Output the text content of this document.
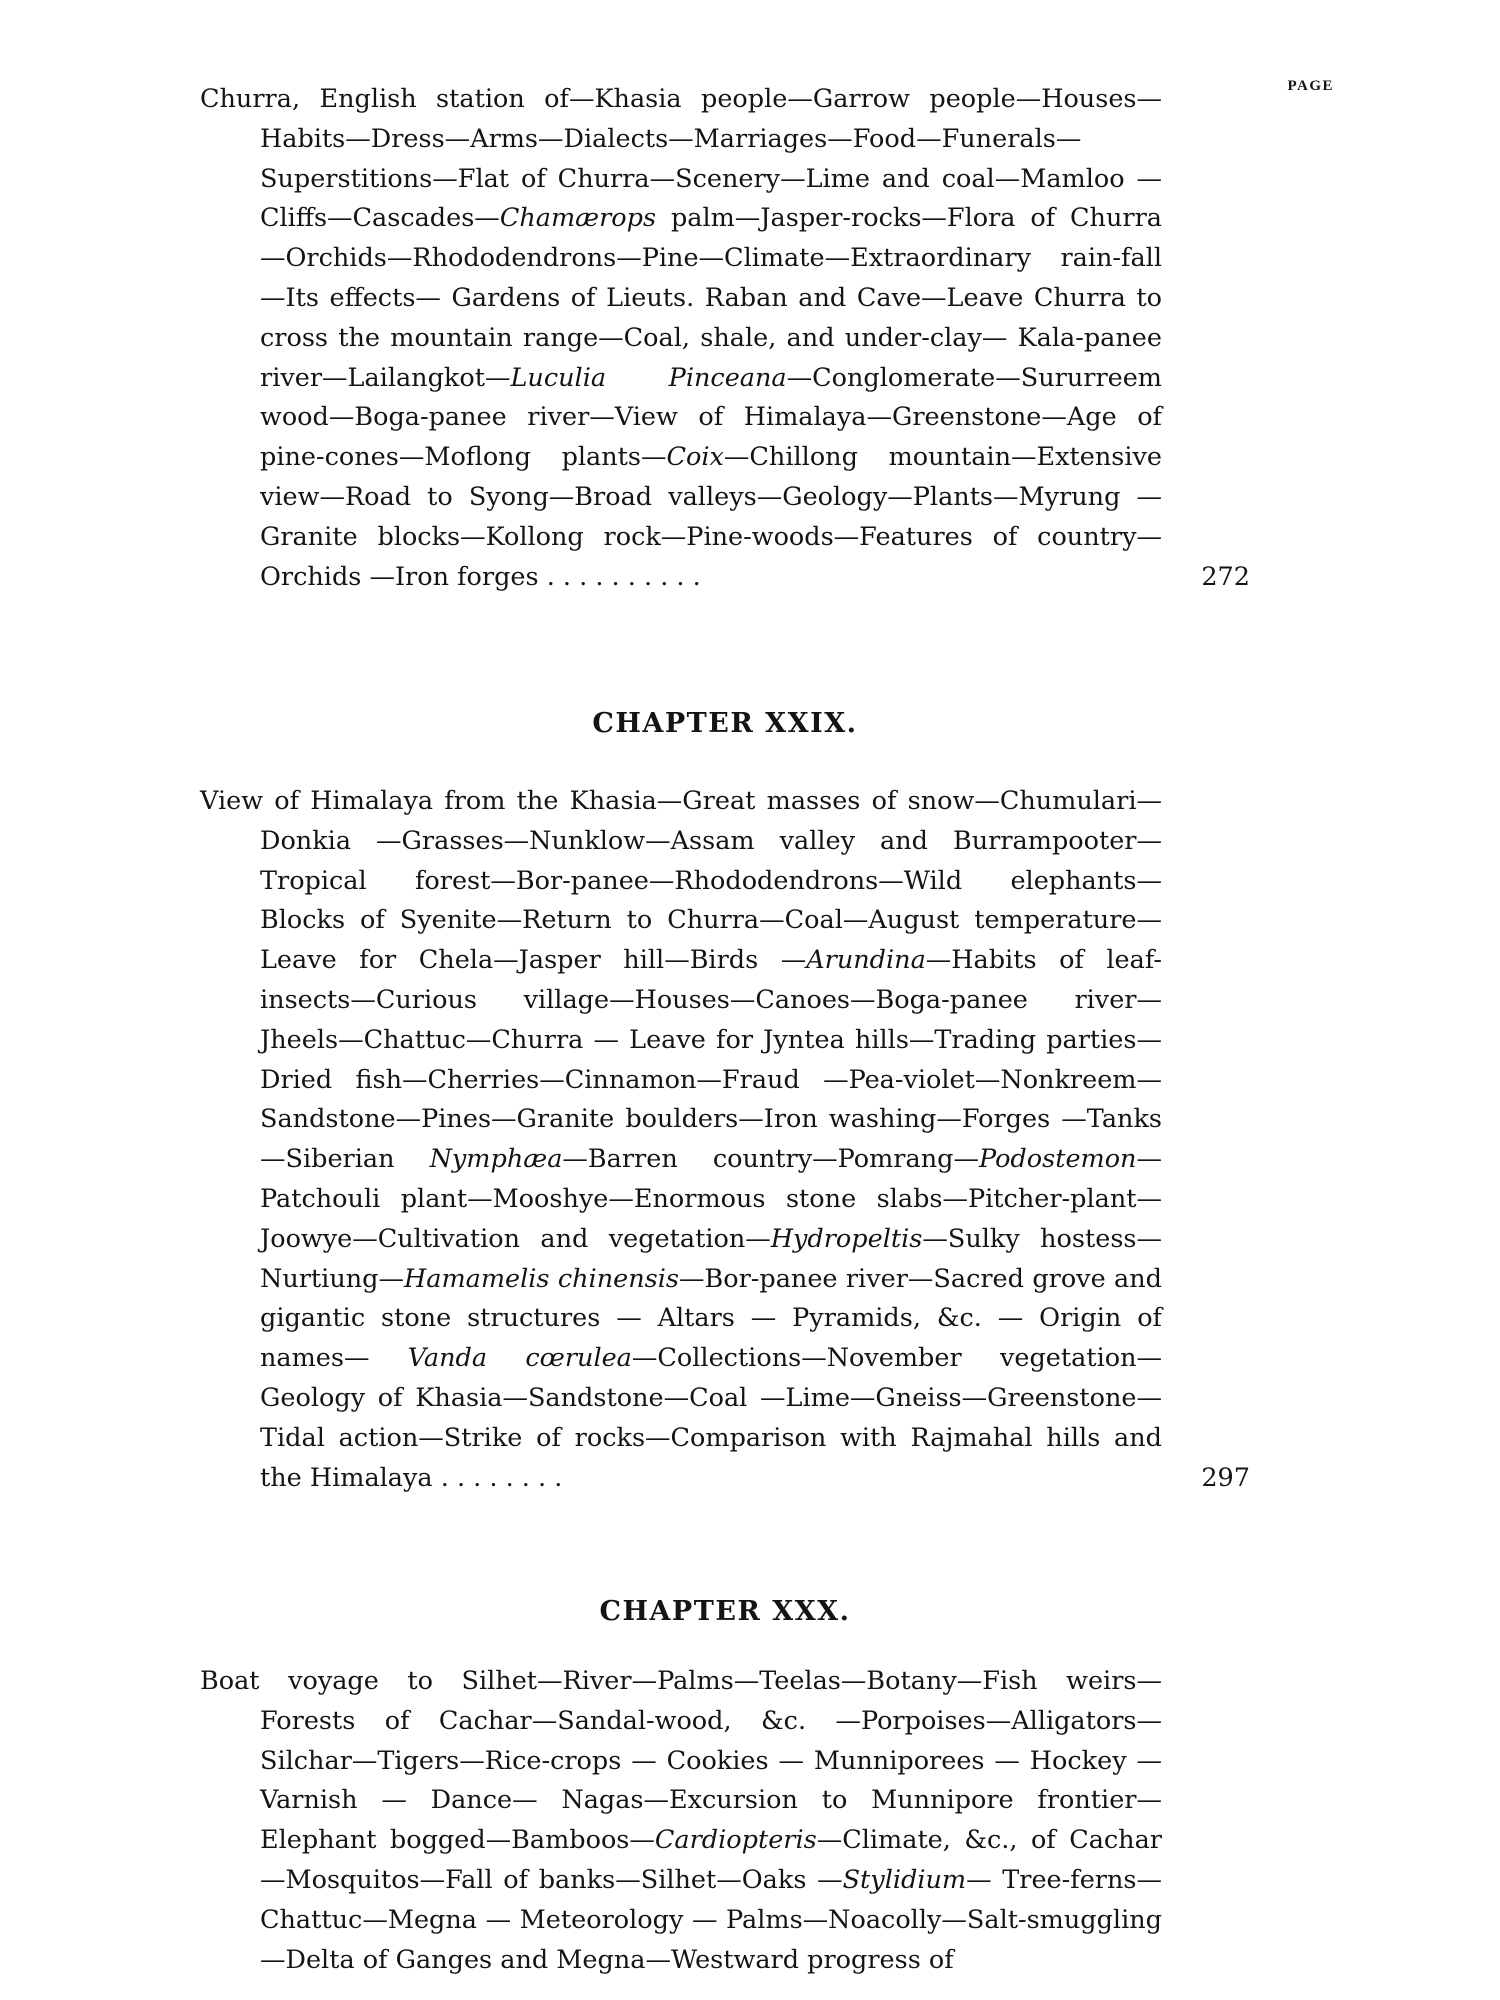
PAGE

Churra, English station of—Khasia people—Garrow people—Houses—Habits—Dress—Arms—Dialects—Marriages—Food—Funerals—Superstitions—Flat of Churra—Scenery—Lime and coal—Mamloo — Cliffs—Cascades—Chamærops palm—Jasper-rocks—Flora of Churra—Orchids—Rhododendrons—Pine—Climate—Extraordinary rain-fall—Its effects— Gardens of Lieuts. Raban and Cave—Leave Churra to cross the mountain range—Coal, shale, and under-clay— Kala-panee river—Lailangkot—Luculia Pinceana—Conglomerate—Sururreem wood—Boga-panee river—View of Himalaya—Greenstone—Age of pine-cones—Moflong plants—Coix—Chillong mountain—Extensive view—Road to Syong—Broad valleys—Geology—Plants—Myrung —Granite blocks—Kollong rock—Pine-woods—Features of country—Orchids —Iron forges . . . . . . . . . .	272
CHAPTER XXIX.

View of Himalaya from the Khasia—Great masses of snow—Chumulari—Donkia —Grasses—Nunklow—Assam valley and Burrampooter—Tropical forest—Bor-panee—Rhododendrons—Wild elephants—Blocks of Syenite—Return to Churra—Coal—August temperature—Leave for Chela—Jasper hill—Birds —Arundina—Habits of leaf-insects—Curious village—Houses—Canoes—Boga-panee river—Jheels—Chattuc—Churra — Leave for Jyntea hills—Trading parties—Dried fish—Cherries—Cinnamon—Fraud —Pea-violet—Nonkreem—Sandstone—Pines—Granite boulders—Iron washing—Forges —Tanks—Siberian Nymphæa—Barren country—Pomrang—Podostemon—Patchouli plant—Mooshye—Enormous stone slabs—Pitcher-plant—Joowye—Cultivation and vegetation—Hydropeltis—Sulky hostess—Nurtiung—Hamamelis chinensis—Bor-panee river—Sacred grove and gigantic stone structures — Altars — Pyramids, &c. — Origin of names— Vanda cœrulea—Collections—November vegetation—Geology of Khasia—Sandstone—Coal —Lime—Gneiss—Greenstone—Tidal action—Strike of rocks—Comparison with Rajmahal hills and the Himalaya . . . . . . . .	297
CHAPTER XXX.

Boat voyage to Silhet—River—Palms—Teelas—Botany—Fish weirs—Forests of Cachar—Sandal-wood, &c. —Porpoises—Alligators—Silchar—Tigers—Rice-crops — Cookies — Munniporees — Hockey — Varnish — Dance— Nagas—Excursion to Munnipore frontier—Elephant bogged—Bamboos—Cardiopteris—Climate, &c., of Cachar—Mosquitos—Fall of banks—Silhet—Oaks —Stylidium— Tree-ferns—Chattuc—Megna — Meteorology — Palms—Noacolly—Salt-smuggling—Delta of Ganges and Megna—Westward progress of
